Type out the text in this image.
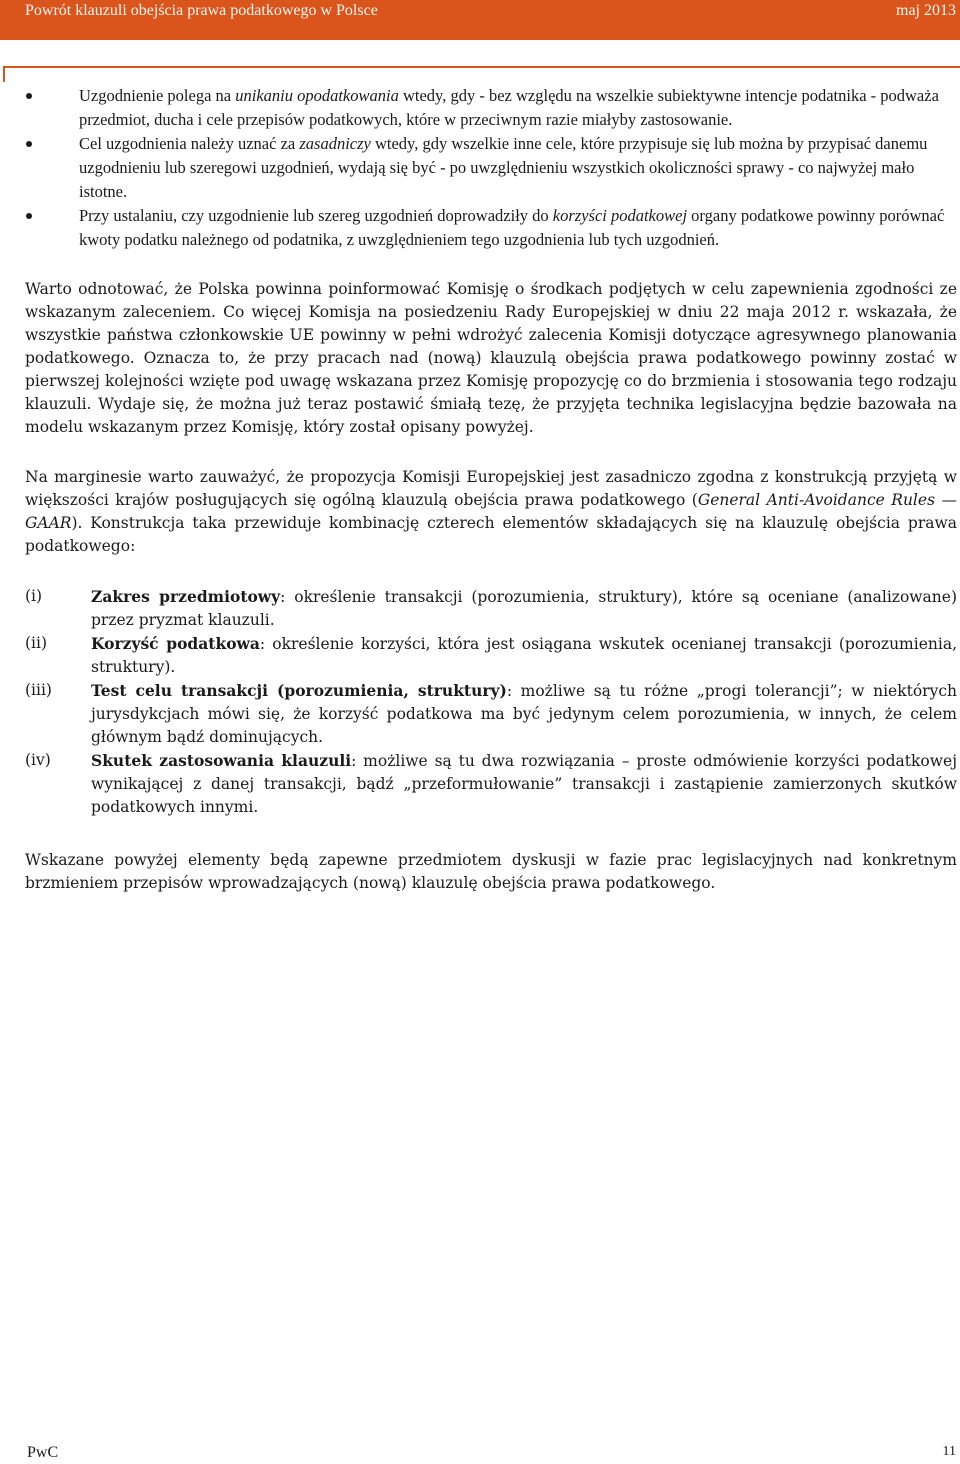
Powrót klauzuli obejścia prawa podatkowego w Polsce	maj 2013
Uzgodnienie polega na unikaniu opodatkowania wtedy, gdy - bez względu na wszelkie subiektywne intencje podatnika - podważa przedmiot, ducha i cele przepisów podatkowych, które w przeciwnym razie miałyby zastosowanie.
Cel uzgodnienia należy uznać za zasadniczy wtedy, gdy wszelkie inne cele, które przypisuje się lub można by przypisać danemu uzgodnieniu lub szeregowi uzgodnień, wydają się być - po uwzględnieniu wszystkich okoliczności sprawy - co najwyżej mało istotne.
Przy ustalaniu, czy uzgodnienie lub szereg uzgodnień doprowadziły do korzyści podatkowej organy podatkowe powinny porównać kwoty podatku należnego od podatnika, z uwzględnieniem tego uzgodnienia lub tych uzgodnień.

Warto odnotować, że Polska powinna poinformować Komisję o środkach podjętych w celu zapewnienia zgodności ze wskazanym zaleceniem. Co więcej Komisja na posiedzeniu Rady Europejskiej w dniu 22 maja 2012 r. wskazała, że wszystkie państwa członkowskie UE powinny w pełni wdrożyć zalecenia Komisji dotyczące agresywnego planowania podatkowego. Oznacza to, że przy pracach nad (nową) klauzulą obejścia prawa podatkowego powinny zostać w pierwszej kolejności wzięte pod uwagę wskazana przez Komisję propozycję co do brzmienia i stosowania tego rodzaju klauzuli. Wydaje się, że można już teraz postawić śmiałą tezę, że przyjęta technika legislacyjna będzie bazowała na modelu wskazanym przez Komisję, który został opisany powyżej.

Na marginesie warto zauważyć, że propozycja Komisji Europejskiej jest zasadniczo zgodna z konstrukcją przyjętą w większości krajów posługujących się ogólną klauzulą obejścia prawa podatkowego (General Anti-Avoidance Rules — GAAR). Konstrukcja taka przewiduje kombinację czterech elementów składających się na klauzulę obejścia prawa podatkowego:

(i)	Zakres przedmiotowy: określenie transakcji (porozumienia, struktury), które są oceniane (analizowane) przez pryzmat klauzuli.
(ii)	Korzyść podatkowa: określenie korzyści, która jest osiągana wskutek ocenianej transakcji (porozumienia, struktury).
(iii)	Test celu transakcji (porozumienia, struktury): możliwe są tu różne „progi tolerancji”; w niektórych jurysdykcjach mówi się, że korzyść podatkowa ma być jedynym celem porozumienia, w innych, że celem głównym bądź dominujących.
(iv)	Skutek zastosowania klauzuli: możliwe są tu dwa rozwiązania – proste odmówienie korzyści podatkowej wynikającej z danej transakcji, bądź „przeformułowanie” transakcji i zastąpienie zamierzonych skutków podatkowych innymi.

Wskazane powyżej elementy będą zapewne przedmiotem dyskusji w fazie prac legislacyjnych nad konkretnym brzmieniem przepisów wprowadzających (nową) klauzulę obejścia prawa podatkowego.

PwC	11
